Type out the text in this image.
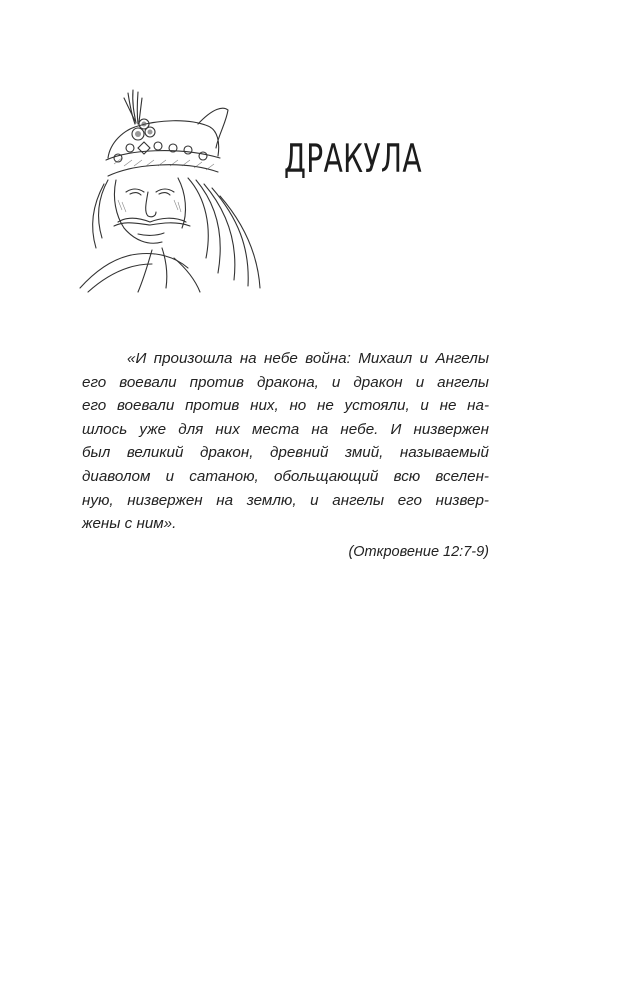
ДРАКУЛА
«И произошла на небе война: Михаил и Ангелы
его воевали против дракона, и дракон и ангелы
его воевали против них, но не устояли, и не на-
шлось уже для них места на небе. И низвержен
был великий дракон, древний змий, называемый
диаволом и сатаною, обольщающий всю вселен-
ную, низвержен на землю, и ангелы его низвер-
жены с ним».
(Откровение 12:7-9)
